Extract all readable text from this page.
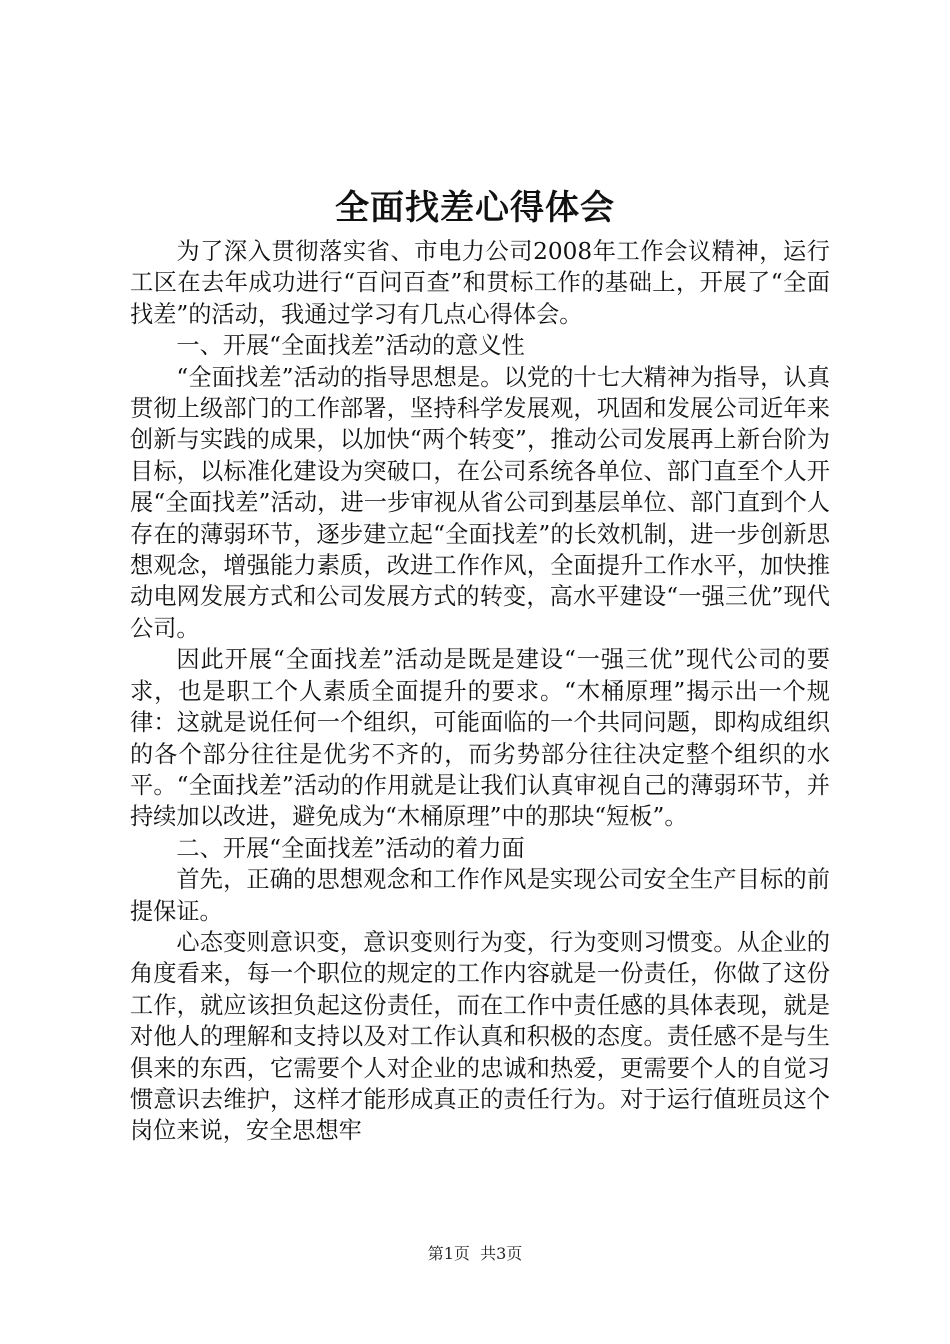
全面找差心得体会

为了深入贯彻落实省、市电力公司2008年工作会议精神，运行工区在去年成功进行“百问百查”和贯标工作的基础上，开展了“全面找差”的活动，我通过学习有几点心得体会。

一、开展“全面找差”活动的意义性

“全面找差”活动的指导思想是。以党的十七大精神为指导，认真贯彻上级部门的工作部署，坚持科学发展观，巩固和发展公司近年来创新与实践的成果，以加快“两个转变”，推动公司发展再上新台阶为目标，以标准化建设为突破口，在公司系统各单位、部门直至个人开展“全面找差”活动，进一步审视从省公司到基层单位、部门直到个人存在的薄弱环节，逐步建立起“全面找差”的长效机制，进一步创新思想观念，增强能力素质，改进工作作风，全面提升工作水平，加快推动电网发展方式和公司发展方式的转变，高水平建设“一强三优”现代公司。

因此开展“全面找差”活动是既是建设“一强三优”现代公司的要求，也是职工个人素质全面提升的要求。“木桶原理”揭示出一个规律：这就是说任何一个组织，可能面临的一个共同问题，即构成组织的各个部分往往是优劣不齐的，而劣势部分往往决定整个组织的水平。“全面找差”活动的作用就是让我们认真审视自己的薄弱环节，并持续加以改进，避免成为“木桶原理”中的那块“短板”。

二、开展“全面找差”活动的着力面

首先，正确的思想观念和工作作风是实现公司安全生产目标的前提保证。

心态变则意识变，意识变则行为变，行为变则习惯变。从企业的角度看来，每一个职位的规定的工作内容就是一份责任，你做了这份工作，就应该担负起这份责任，而在工作中责任感的具体表现，就是对他人的理解和支持以及对工作认真和积极的态度。责任感不是与生俱来的东西，它需要个人对企业的忠诚和热爱，更需要个人的自觉习惯意识去维护，这样才能形成真正的责任行为。对于运行值班员这个岗位来说，安全思想牢

第1页 共3页
